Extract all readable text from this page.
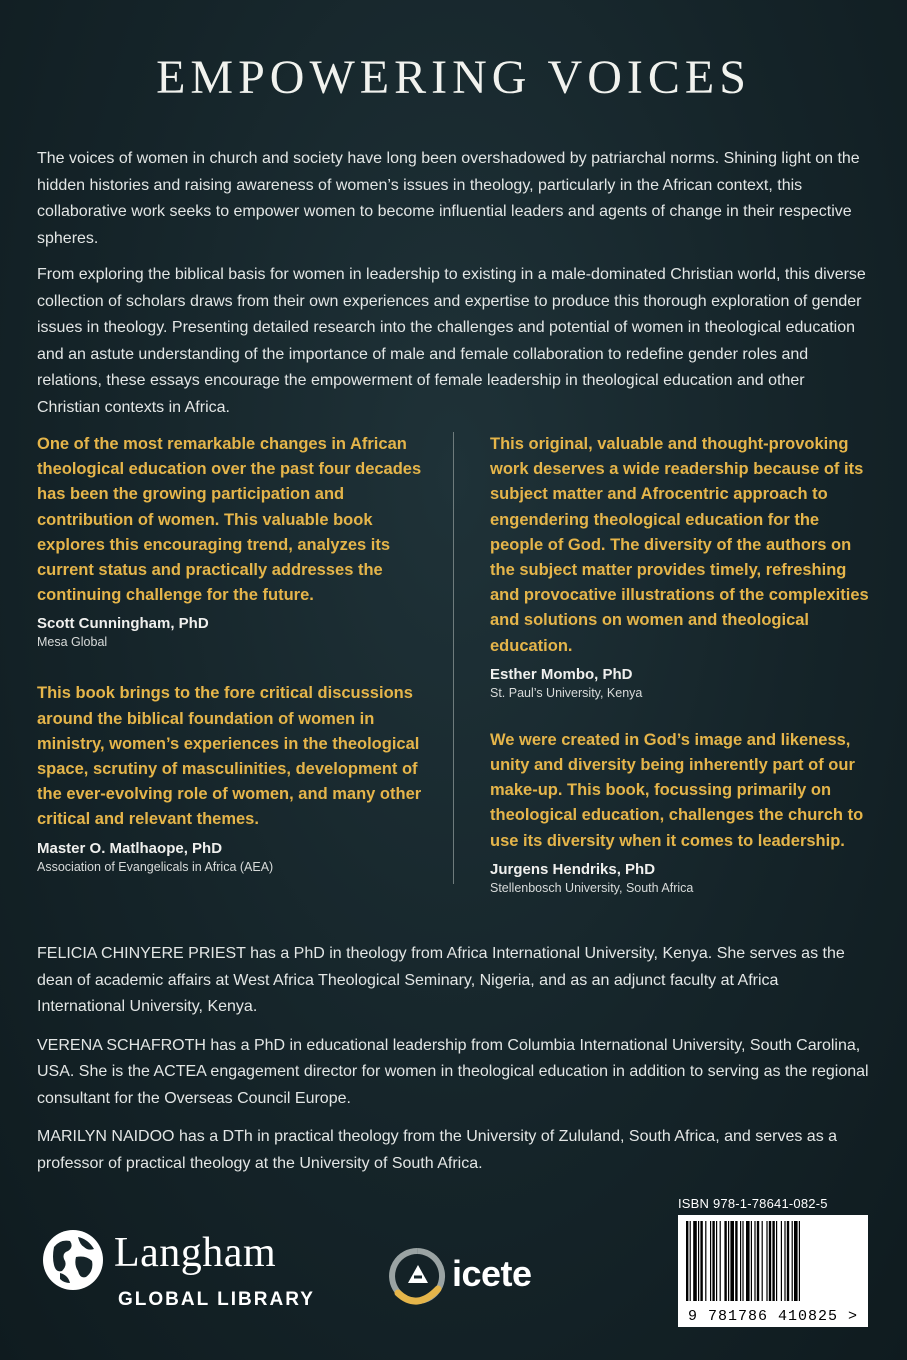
EMPOWERING VOICES

The voices of women in church and society have long been overshadowed by patriarchal norms. Shining light on the hidden histories and raising awareness of women’s issues in theology, particularly in the African context, this collaborative work seeks to empower women to become influential leaders and agents of change in their respective spheres.

From exploring the biblical basis for women in leadership to existing in a male-dominated Christian world, this diverse collection of scholars draws from their own experiences and expertise to produce this thorough exploration of gender issues in theology. Presenting detailed research into the challenges and potential of women in theological education and an astute understanding of the importance of male and female collaboration to redefine gender roles and relations, these essays encourage the empowerment of female leadership in theological education and other Christian contexts in Africa.

One of the most remarkable changes in African theological education over the past four decades has been the growing participation and contribution of women. This valuable book explores this encouraging trend, analyzes its current status and practically addresses the continuing challenge for the future.

Scott Cunningham, PhD
Mesa Global

This book brings to the fore critical discussions around the biblical foundation of women in ministry, women’s experiences in the theological space, scrutiny of masculinities, development of the ever-evolving role of women, and many other critical and relevant themes.

Master O. Matlhaope, PhD
Association of Evangelicals in Africa (AEA)

This original, valuable and thought-provoking work deserves a wide readership because of its subject matter and Afrocentric approach to engendering theological education for the people of God. The diversity of the authors on the subject matter provides timely, refreshing and provocative illustrations of the complexities and solutions on women and theological education.

Esther Mombo, PhD
St. Paul’s University, Kenya

We were created in God’s image and likeness, unity and diversity being inherently part of our make-up. This book, focussing primarily on theological education, challenges the church to use its diversity when it comes to leadership.

Jurgens Hendriks, PhD
Stellenbosch University, South Africa

FELICIA CHINYERE PRIEST has a PhD in theology from Africa International University, Kenya. She serves as the dean of academic affairs at West Africa Theological Seminary, Nigeria, and as an adjunct faculty at Africa International University, Kenya.

VERENA SCHAFROTH has a PhD in educational leadership from Columbia International University, South Carolina, USA. She is the ACTEA engagement director for women in theological education in addition to serving as the regional consultant for the Overseas Council Europe.

MARILYN NAIDOO has a DTh in practical theology from the University of Zululand, South Africa, and serves as a professor of practical theology at the University of South Africa.

Langham
GLOBAL LIBRARY
icete
ISBN 978-1-78641-082-5
9 781786 410825 >
